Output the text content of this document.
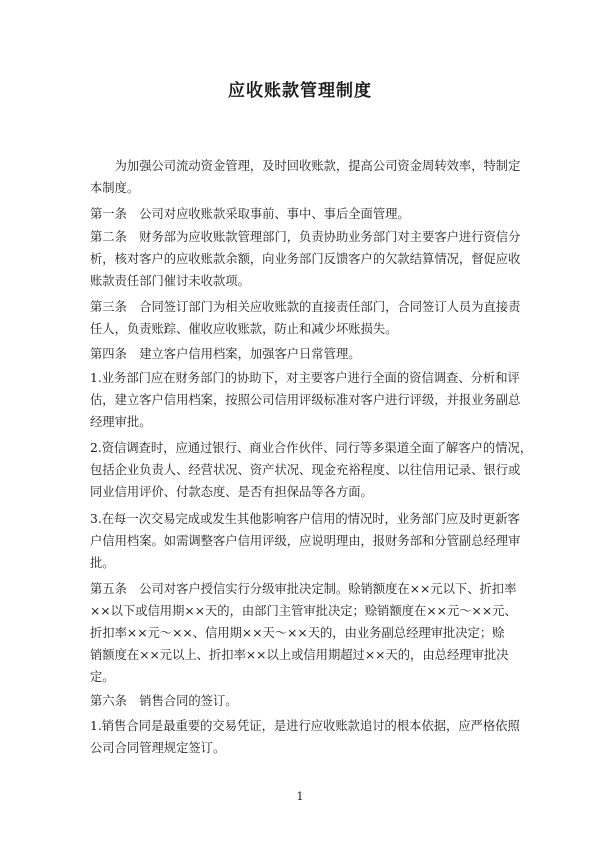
应收账款管理制度
　　为加强公司流动资金管理，及时回收账款，提高公司资金周转效率，特制定
本制度。
第一条　公司对应收账款采取事前、事中、事后全面管理。
第二条　财务部为应收账款管理部门，负责协助业务部门对主要客户进行资信分
析，核对客户的应收账款余额，向业务部门反馈客户的欠款结算情况，督促应收
账款责任部门催讨未收款项。
第三条　合同签订部门为相关应收账款的直接责任部门，合同签订人员为直接责
任人，负责账踪、催收应收账款，防止和减少坏账损失。
第四条　建立客户信用档案，加强客户日常管理。
1.业务部门应在财务部门的协助下，对主要客户进行全面的资信调查、分析和评
估，建立客户信用档案，按照公司信用评级标准对客户进行评级，并报业务副总
经理审批。
2.资信调查时，应通过银行、商业合作伙伴、同行等多渠道全面了解客户的情况，
包括企业负责人、经营状况、资产状况、现金充裕程度、以往信用记录、银行或
同业信用评价、付款态度、是否有担保品等各方面。
3.在每一次交易完成或发生其他影响客户信用的情况时，业务部门应及时更新客
户信用档案。如需调整客户信用评级，应说明理由，报财务部和分管副总经理审
批。
第五条　公司对客户授信实行分级审批决定制。赊销额度在××元以下、折扣率
××以下或信用期××天的，由部门主管审批决定；赊销额度在××元～××元、
折扣率××元～××、信用期××天～××天的，由业务副总经理审批决定；赊
销额度在××元以上、折扣率××以上或信用期超过××天的，由总经理审批决
定。
第六条　销售合同的签订。
1.销售合同是最重要的交易凭证，是进行应收账款追讨的根本依据，应严格依照
公司合同管理规定签订。
1
